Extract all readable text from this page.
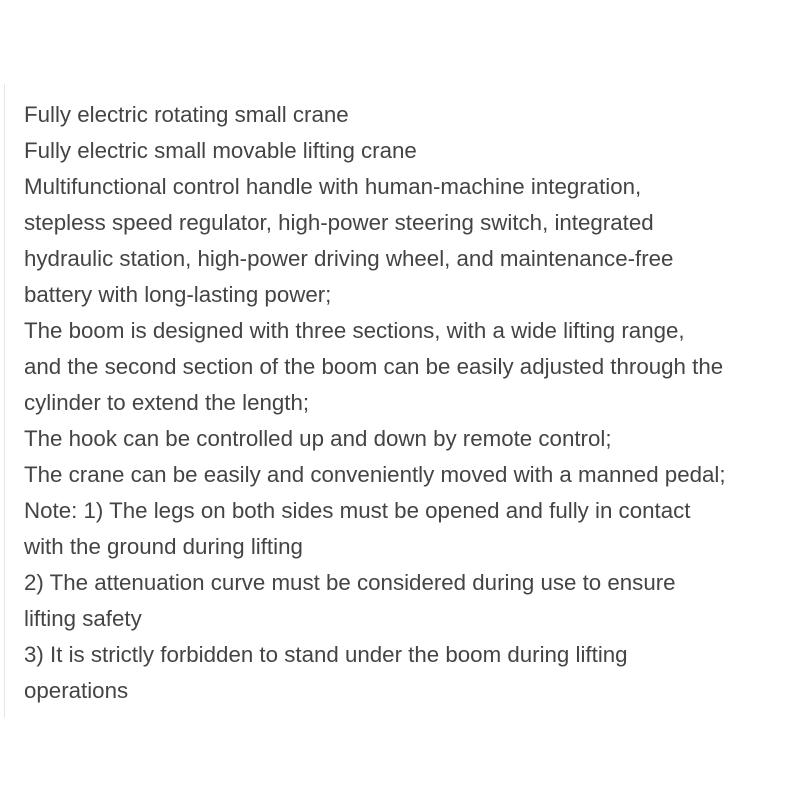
Fully electric rotating small crane
Fully electric small movable lifting crane
Multifunctional control handle with human-machine integration,
stepless speed regulator, high-power steering switch, integrated
hydraulic station, high-power driving wheel, and maintenance-free
battery with long-lasting power;
The boom is designed with three sections, with a wide lifting range,
and the second section of the boom can be easily adjusted through the
cylinder to extend the length;
The hook can be controlled up and down by remote control;
The crane can be easily and conveniently moved with a manned pedal;
Note: 1) The legs on both sides must be opened and fully in contact
with the ground during lifting
2) The attenuation curve must be considered during use to ensure
lifting safety
3) It is strictly forbidden to stand under the boom during lifting
operations
